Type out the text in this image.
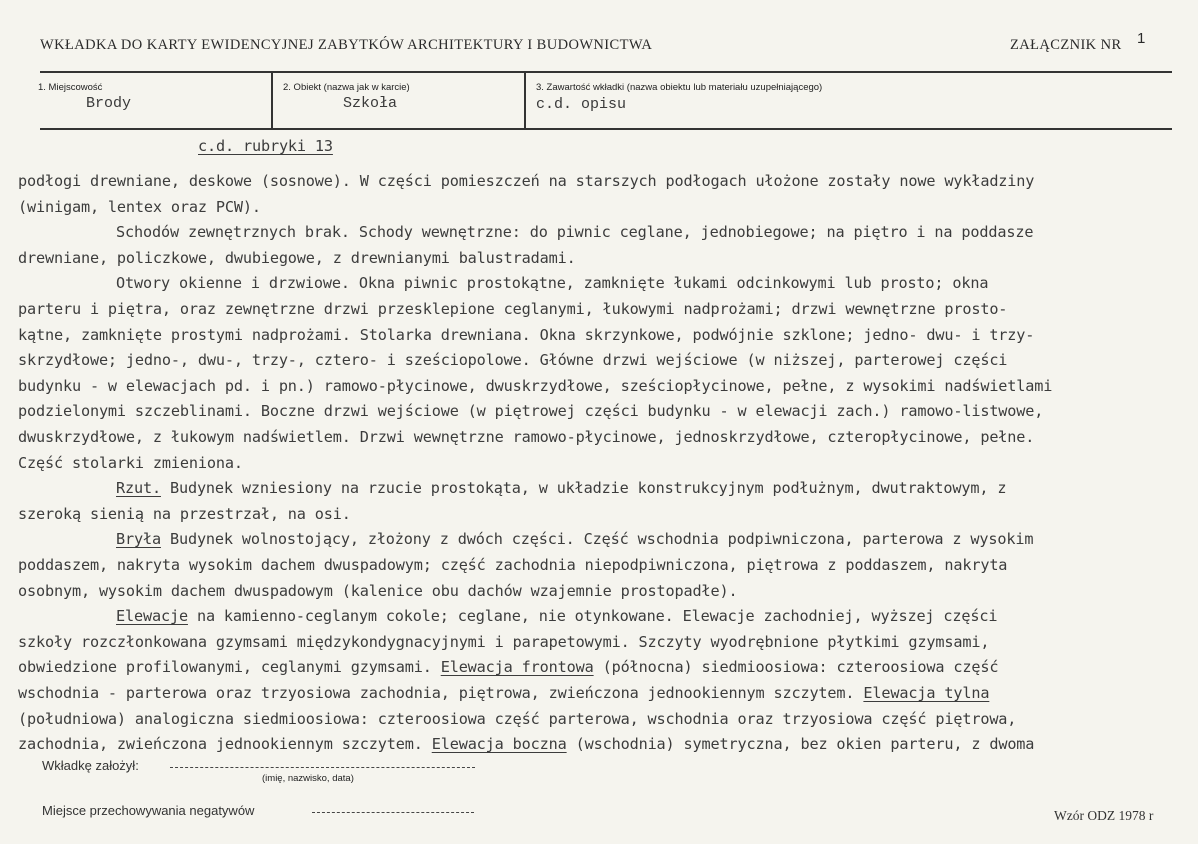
WKŁADKA DO KARTY EWIDENCYJNEJ ZABYTKÓW ARCHITEKTURY I BUDOWNICTWA	ZAŁĄCZNIK NR 1
1. Miejscowość
Brody
2. Obiekt (nazwa jak w karcie)
Szkoła
3. Zawartość wkładki (nazwa obiektu lub materiału uzupełniającego)
c.d. opisu
c.d. rubryki 13
podłogi drewniane, deskowe (sosnowe). W części pomieszczeń na starszych podłogach ułożone zostały nowe wykładziny
(winigam, lentex oraz PCW).
Schodów zewnętrznych brak. Schody wewnętrzne: do piwnic ceglane, jednobiegowe; na piętro i na poddasze
drewniane, policzkowe, dwubiegowe, z drewnianymi balustradami.
Otwory okienne i drzwiowe. Okna piwnic prostokątne, zamknięte łukami odcinkowymi lub prosto; okna
parteru i piętra, oraz zewnętrzne drzwi przesklepione ceglanymi, łukowymi nadprożami; drzwi wewnętrzne prosto-
kątne, zamknięte prostymi nadprożami. Stolarka drewniana. Okna skrzynkowe, podwójnie szklone; jedno- dwu- i trzy-
skrzydłowe; jedno-, dwu-, trzy-, cztero- i sześciopolowe. Główne drzwi wejściowe (w niższej, parterowej części
budynku - w elewacjach pd. i pn.) ramowo-płycinowe, dwuskrzydłowe, sześciopłycinowe, pełne, z wysokimi nadświetlami
podzielonymi szczeblinami. Boczne drzwi wejściowe (w piętrowej części budynku - w elewacji zach.) ramowo-listwowe,
dwuskrzydłowe, z łukowym nadświetlem. Drzwi wewnętrzne ramowo-płycinowe, jednoskrzydłowe, czteropłycinowe, pełne.
Część stolarki zmieniona.
Rzut. Budynek wzniesiony na rzucie prostokąta, w układzie konstrukcyjnym podłużnym, dwutraktowym, z
szeroką sienią na przestrzał, na osi.
Bryła Budynek wolnostojący, złożony z dwóch części. Część wschodnia podpiwniczona, parterowa z wysokim
poddaszem, nakryta wysokim dachem dwuspadowym; część zachodnia niepodpiwniczona, piętrowa z poddaszem, nakryta
osobnym, wysokim dachem dwuspadowym (kalenice obu dachów wzajemnie prostopadłe).
Elewacje na kamienno-ceglanym cokole; ceglane, nie otynkowane. Elewacje zachodniej, wyższej części
szkoły rozczłonkowana gzymsami międzykondygnacyjnymi i parapetowymi. Szczyty wyodrębnione płytkimi gzymsami,
obwiedzione profilowanymi, ceglanymi gzymsami. Elewacja frontowa (północna) siedmioosiowa: czteroosiowa część
wschodnia - parterowa oraz trzyosiowa zachodnia, piętrowa, zwieńczona jednookiennym szczytem. Elewacja tylna
(południowa) analogiczna siedmioosiowa: czteroosiowa część parterowa, wschodnia oraz trzyosiowa część piętrowa,
zachodnia, zwieńczona jednookiennym szczytem. Elewacja boczna (wschodnia) symetryczna, bez okien parteru, z dwoma
Wkładkę założył:
(imię, nazwisko, data)
Miejsce przechowywania negatywów	Wzór ODZ 1978 r
